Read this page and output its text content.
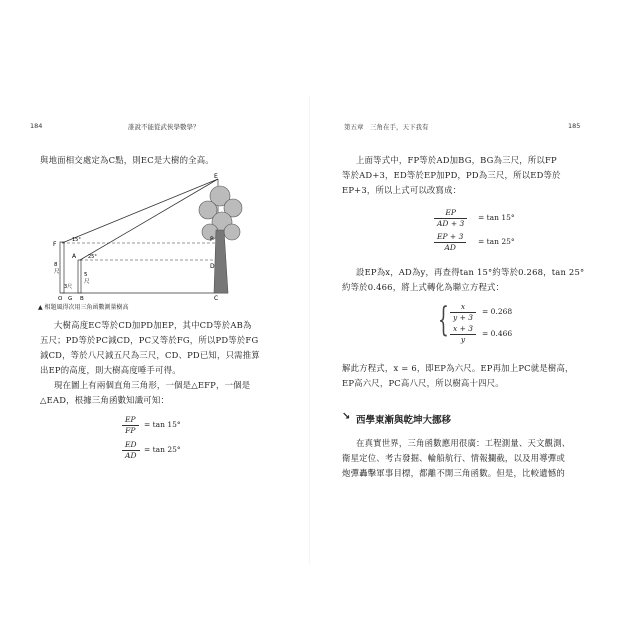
184	誰說不能從武俠學數學？
與地面相交處定為C點，則EC是大樹的全高。
E
F
A
P
D
G B	C
O
15°
25°
8
尺	5
尺
3尺
▲ 相題風得次用三角函數測量樹高
大樹高度EC等於CD加PD加EP，其中CD等於AB為
五尺；PD等於PC減CD，PC又等於FG，所以PD等於FG
減CD，等於八尺減五尺為三尺，CD、PD已知，只需推算
出EP的高度，則大樹高度唾手可得。
現在圖上有兩個直角三角形，一個是△EFP，一個是
△EAD，根據三角函數知識可知：
$\frac{EP}{FP} = \tan 15^\circ$
$\frac{ED}{AD} = \tan 25^\circ$
第五章　三角在手，天下我有	185
上面等式中，FP等於AD加BG，BG為三尺，所以FP
等於AD+3，ED等於EP加PD，PD為三尺，所以ED等於
EP+3，所以上式可以改寫成：
$\frac{EP}{AD + 3} = \tan 15^\circ$
$\frac{EP + 3}{AD} = \tan 25^\circ$
設EP為x，AD為y，再查得tan 15°約等於0.268，tan 25°
約等於0.466，將上式轉化為聯立方程式：
{ $\frac{x}{y + 3} = 0.268$
$\frac{x + 3}{y} = 0.466$
解此方程式，x = 6，即EP為六尺。EP再加上PC就是樹高，
EP高六尺，PC高八尺，所以樹高十四尺。
↘ 西學東漸與乾坤大挪移
在真實世界，三角函數應用很廣：工程測量、天文觀測、
衛星定位、考古發掘、輪船航行、情報攔截，以及用導彈或
炮彈轟擊軍事目標，都離不開三角函數。但是，比較遺憾的
